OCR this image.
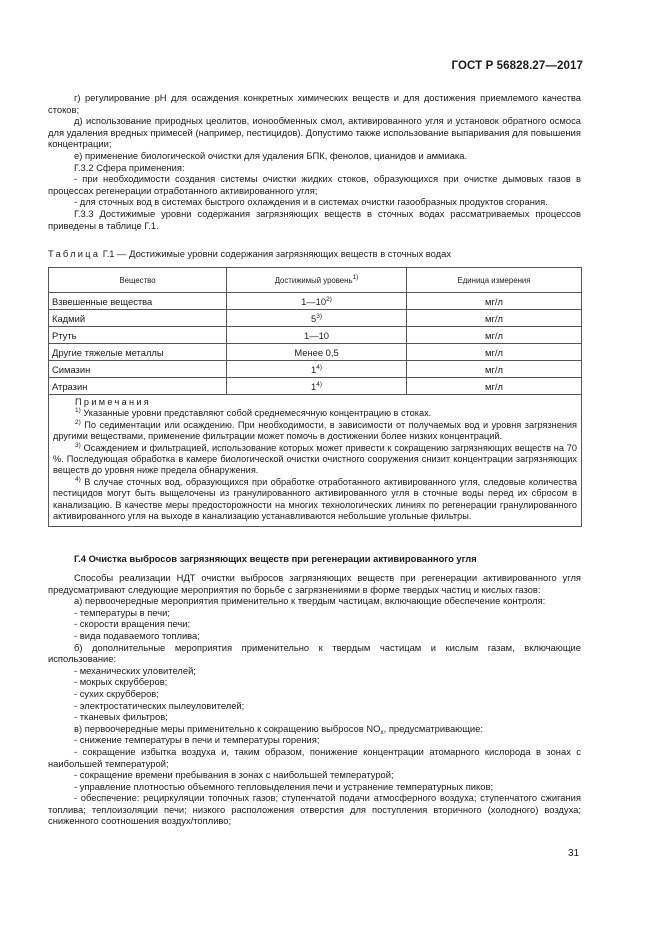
ГОСТ Р 56828.27—2017

г) регулирование рН для осаждения конкретных химических веществ и для достижения приемлемого качества стоков;

д) использование природных цеолитов, ионообменных смол, активированного угля и установок обратного осмоса для удаления вредных примесей (например, пестицидов). Допустимо также использование выпаривания для повышения концентрации;

е) применение биологической очистки для удаления БПК, фенолов, цианидов и аммиака.

Г.3.2 Сфера применения:

- при необходимости создания системы очистки жидких стоков, образующихся при очистке дымовых газов в процессах регенерации отработанного активированного угля;

- для сточных вод в системах быстрого охлаждения и в системах очистки газообразных продуктов сгорания.

Г.3.3 Достижимые уровни содержания загрязняющих веществ в сточных водах рассматриваемых процессов приведены в таблице Г.1.

Таблица Г.1 — Достижимые уровни содержания загрязняющих веществ в сточных водах
Вещество	Достижимый уровень$^{1)}$	Единица измерения
Взвешенные вещества	1—10$^{2)}$	мг/л
Кадмий	5$^{3)}$	мг/л
Ртуть	1—10	мг/л
Другие тяжелые металлы	Менее 0,5	мг/л
Симазин	1$^{4)}$	мг/л
Атразин	1$^{4)}$	мг/л

Примечания

$^{1)}$ Указанные уровни представляют собой среднемесячную концентрацию в стоках.

$^{2)}$ По седиментации или осаждению. При необходимости, в зависимости от получаемых вод и уровня загрязнения другими веществами, применение фильтрации может помочь в достижении более низких концентраций.

$^{3)}$ Осаждением и фильтрацией, использование которых может привести к сокращению загрязняющих веществ на 70 %. Последующая обработка в камере биологической очистки очистного сооружения снизит концентрации загрязняющих веществ до уровня ниже предела обнаружения.

$^{4)}$ В случае сточных вод, образующихся при обработке отработанного активированного угля, следовые количества пестицидов могут быть выщелочены из гранулированного активированного угля в сточные воды перед их сбросом в канализацию. В качестве меры предосторожности на многих технологических линиях по регенерации гранулированного активированного угля на выходе в канализацию устанавливаются небольшие угольные фильтры.		

Г.4 Очистка выбросов загрязняющих веществ при регенерации активированного угля

Способы реализации НДТ очистки выбросов загрязняющих веществ при регенерации активированного угля предусматривают следующие мероприятия по борьбе с загрязнениями в форме твердых частиц и кислых газов:

а) первоочередные мероприятия применительно к твердым частицам, включающие обеспечение контроля:

- температуры в печи;

- скорости вращения печи;

- вида подаваемого топлива;

б) дополнительные мероприятия применительно к твердым частицам и кислым газам, включающие использование:

- механических уловителей;

- мокрых скрубберов;

- сухих скрубберов;

- электростатических пылеуловителей;

- тканевых фильтров;

в) первоочередные меры применительно к сокращению выбросов $NO_x$, предусматривающие:

- снижение температуры в печи и температуры горения;

- сокращение избытка воздуха и, таким образом, понижение концентрации атомарного кислорода в зонах с наибольшей температурой;

- сокращение времени пребывания в зонах с наибольшей температурой;

- управление плотностью объемного тепловыделения печи и устранение температурных пиков;

- обеспечение: рециркуляции топочных газов; ступенчатой подачи атмосферного воздуха; ступенчатого сжигания топлива; теплоизоляции печи; низкого расположения отверстия для поступления вторичного (холодного) воздуха; сниженного соотношения воздух/топливо;

31
